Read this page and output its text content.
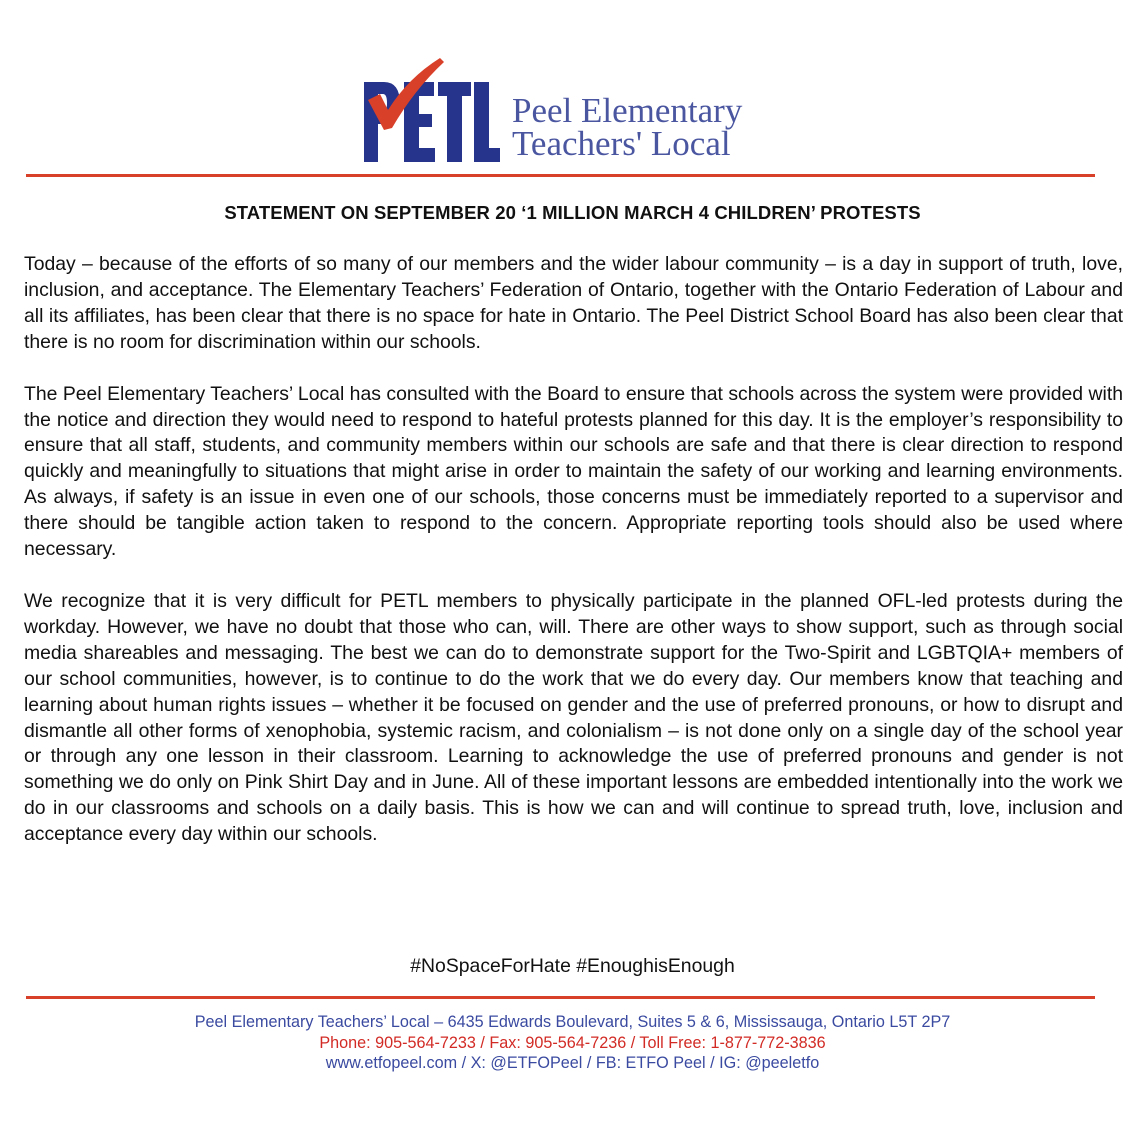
Peel Elementary
Teachers' Local
STATEMENT ON SEPTEMBER 20 ‘1 MILLION MARCH 4 CHILDREN’ PROTESTS

Today – because of the efforts of so many of our members and the wider labour community – is a day in support of truth, love, inclusion, and acceptance. The Elementary Teachers’ Federation of Ontario, together with the Ontario Federation of Labour and all its affiliates, has been clear that there is no space for hate in Ontario. The Peel District School Board has also been clear that there is no room for discrimination within our schools.

The Peel Elementary Teachers’ Local has consulted with the Board to ensure that schools across the system were provided with the notice and direction they would need to respond to hateful protests planned for this day. It is the employer’s responsibility to ensure that all staff, students, and community members within our schools are safe and that there is clear direction to respond quickly and meaningfully to situations that might arise in order to maintain the safety of our working and learning environments. As always, if safety is an issue in even one of our schools, those concerns must be immediately reported to a supervisor and there should be tangible action taken to respond to the concern. Appropriate reporting tools should also be used where necessary.

We recognize that it is very difficult for PETL members to physically participate in the planned OFL-led protests during the workday. However, we have no doubt that those who can, will. There are other ways to show support, such as through social media shareables and messaging. The best we can do to demonstrate support for the Two-Spirit and LGBTQIA+ members of our school communities, however, is to continue to do the work that we do every day. Our members know that teaching and learning about human rights issues – whether it be focused on gender and the use of preferred pronouns, or how to disrupt and dismantle all other forms of xenophobia, systemic racism, and colonialism – is not done only on a single day of the school year or through any one lesson in their classroom. Learning to acknowledge the use of preferred pronouns and gender is not something we do only on Pink Shirt Day and in June. All of these important lessons are embedded intentionally into the work we do in our classrooms and schools on a daily basis. This is how we can and will continue to spread truth, love, inclusion and acceptance every day within our schools.

#NoSpaceForHate #EnoughisEnough
Peel Elementary Teachers’ Local – 6435 Edwards Boulevard, Suites 5 & 6, Mississauga, Ontario L5T 2P7
Phone: 905-564-7233 / Fax: 905-564-7236 / Toll Free: 1-877-772-3836
www.etfopeel.com / X: @ETFOPeel / FB: ETFO Peel / IG: @peeletfo
